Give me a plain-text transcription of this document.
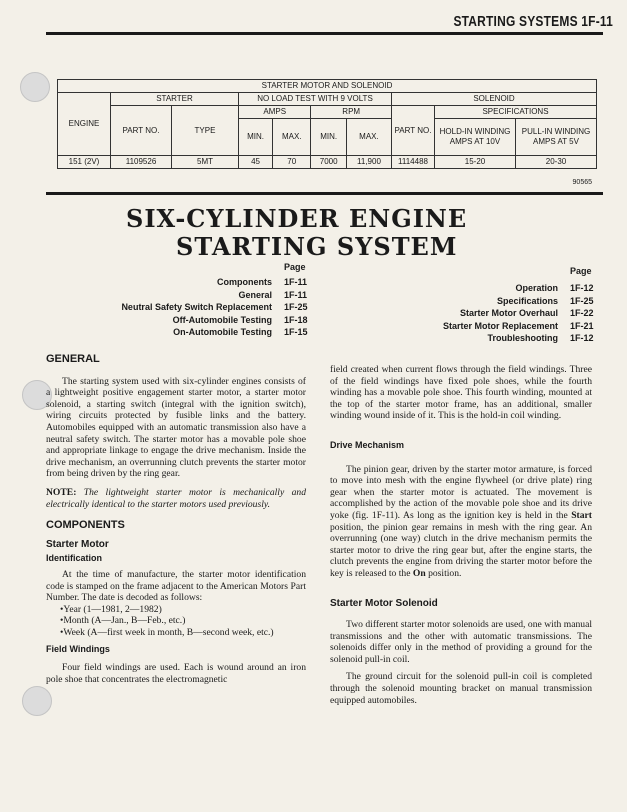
STARTING SYSTEMS 1F-11
STARTER MOTOR AND SOLENOID									
ENGINE	STARTER		NO LOAD TEST WITH 9 VOLTS				SOLENOID		
	PART NO.	TYPE	AMPS		RPM		PART NO.	SPECIFICATIONS	
			MIN.	MAX.	MIN.	MAX.		HOLD-IN WINDING AMPS AT 10V	PULL-IN WINDING AMPS AT 5V
151 (2V)	1109526	5MT	45	70	7000	11,900	1114488	15-20	20-30
90565
SIX-CYLINDER ENGINE
STARTING SYSTEM
Page	Page
Components	1F-11
General	1F-11
Neutral Safety Switch Replacement	1F-25
Off-Automobile Testing	1F-18
On-Automobile Testing	1F-15
Operation	1F-12
Specifications	1F-25
Starter Motor Overhaul	1F-22
Starter Motor Replacement	1F-21
Troubleshooting	1F-12
GENERAL

The starting system used with six-cylinder engines consists of a lightweight positive engagement starter motor, a starter motor solenoid, a starting switch (integral with the ignition switch), wiring circuits protected by fusible links and the battery. Automobiles equipped with an automatic transmission also have a neutral safety switch. The starter motor has a movable pole shoe and appropriate linkage to engage the drive mechanism. Inside the drive mechanism, an overrunning clutch prevents the starter motor from being driven by the ring gear.

NOTE: The lightweight starter motor is mechanically and electrically identical to the starter motors used previously.
COMPONENTS
Starter Motor
Identification

At the time of manufacture, the starter motor identification code is stamped on the frame adjacent to the American Motors Part Number. The date is decoded as follows:

• Year (1—1981, 2—1982)
• Month (A—Jan., B—Feb., etc.)
• Week (A—first week in month, B—second week, etc.)
Field Windings

Four field windings are used. Each is wound around an iron pole shoe that concentrates the electromagnetic

field created when current flows through the field windings. Three of the field windings have fixed pole shoes, while the fourth winding has a movable pole shoe. This fourth winding, mounted at the top of the starter motor frame, has an additional, smaller winding wound inside of it. This is the hold-in coil winding.

Drive Mechanism

The pinion gear, driven by the starter motor armature, is forced to move into mesh with the engine flywheel (or drive plate) ring gear when the starter motor is actuated. The movement is accomplished by the action of the movable pole shoe and its drive yoke (fig. 1F-11). As long as the ignition key is held in the Start position, the pinion gear remains in mesh with the ring gear. An overrunning (one way) clutch in the drive mechanism permits the starter motor to drive the ring gear but, after the engine starts, the clutch prevents the engine from driving the starter motor before the key is released to the On position.

Starter Motor Solenoid

Two different starter motor solenoids are used, one with manual transmissions and the other with automatic transmissions. The solenoids differ only in the method of providing a ground for the solenoid pull-in coil.

The ground circuit for the solenoid pull-in coil is completed through the solenoid mounting bracket on manual transmission equipped automobiles.
